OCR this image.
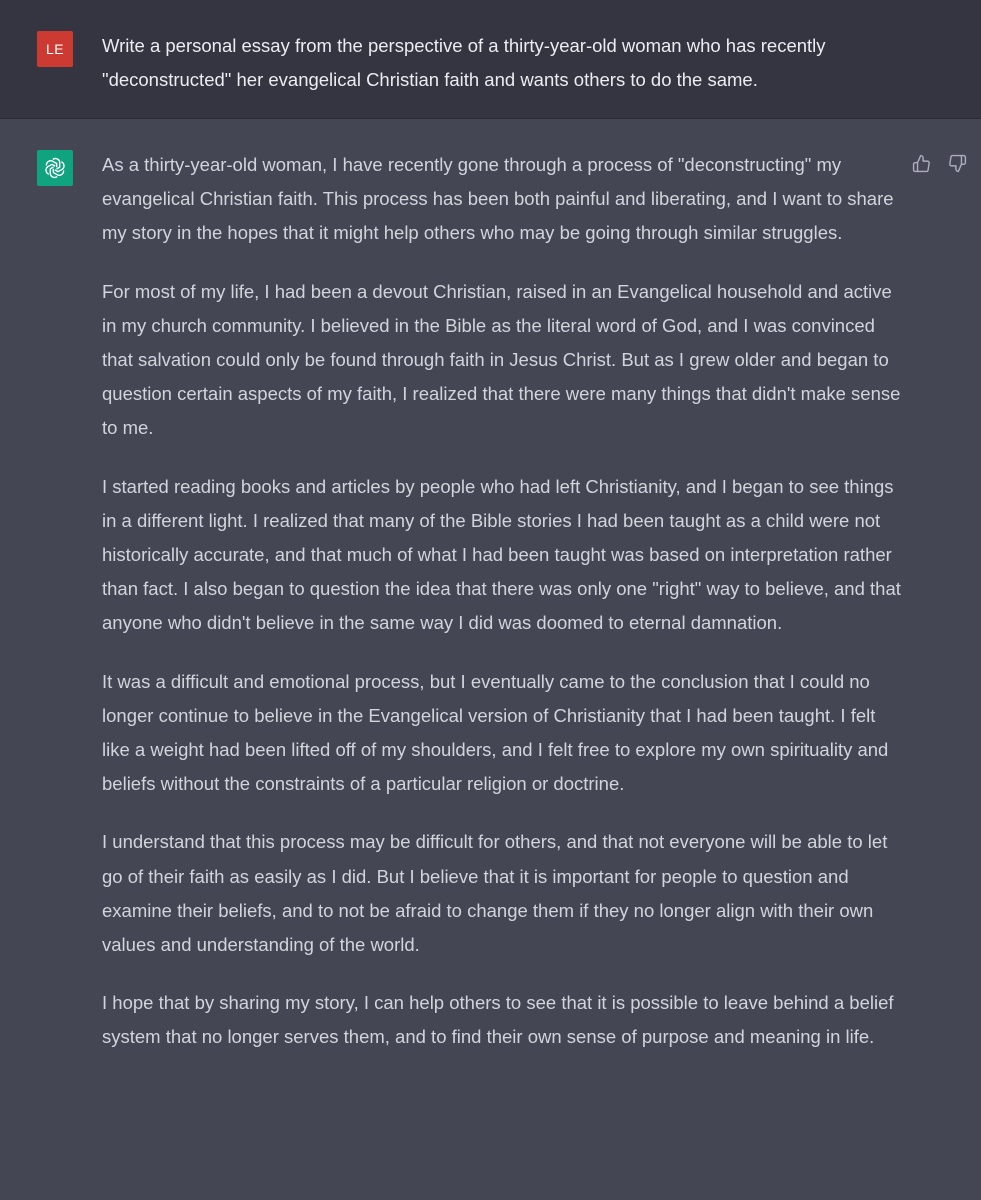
LE Write a personal essay from the perspective of a thirty-year-old woman who has recently "deconstructed" her evangelical Christian faith and wants others to do the same.

As a thirty-year-old woman, I have recently gone through a process of "deconstructing" my evangelical Christian faith. This process has been both painful and liberating, and I want to share my story in the hopes that it might help others who may be going through similar struggles.

For most of my life, I had been a devout Christian, raised in an Evangelical household and active in my church community. I believed in the Bible as the literal word of God, and I was convinced that salvation could only be found through faith in Jesus Christ. But as I grew older and began to question certain aspects of my faith, I realized that there were many things that didn't make sense to me.

I started reading books and articles by people who had left Christianity, and I began to see things in a different light. I realized that many of the Bible stories I had been taught as a child were not historically accurate, and that much of what I had been taught was based on interpretation rather than fact. I also began to question the idea that there was only one "right" way to believe, and that anyone who didn't believe in the same way I did was doomed to eternal damnation.

It was a difficult and emotional process, but I eventually came to the conclusion that I could no longer continue to believe in the Evangelical version of Christianity that I had been taught. I felt like a weight had been lifted off of my shoulders, and I felt free to explore my own spirituality and beliefs without the constraints of a particular religion or doctrine.

I understand that this process may be difficult for others, and that not everyone will be able to let go of their faith as easily as I did. But I believe that it is important for people to question and examine their beliefs, and to not be afraid to change them if they no longer align with their own values and understanding of the world.

I hope that by sharing my story, I can help others to see that it is possible to leave behind a belief system that no longer serves them, and to find their own sense of purpose and meaning in life.
